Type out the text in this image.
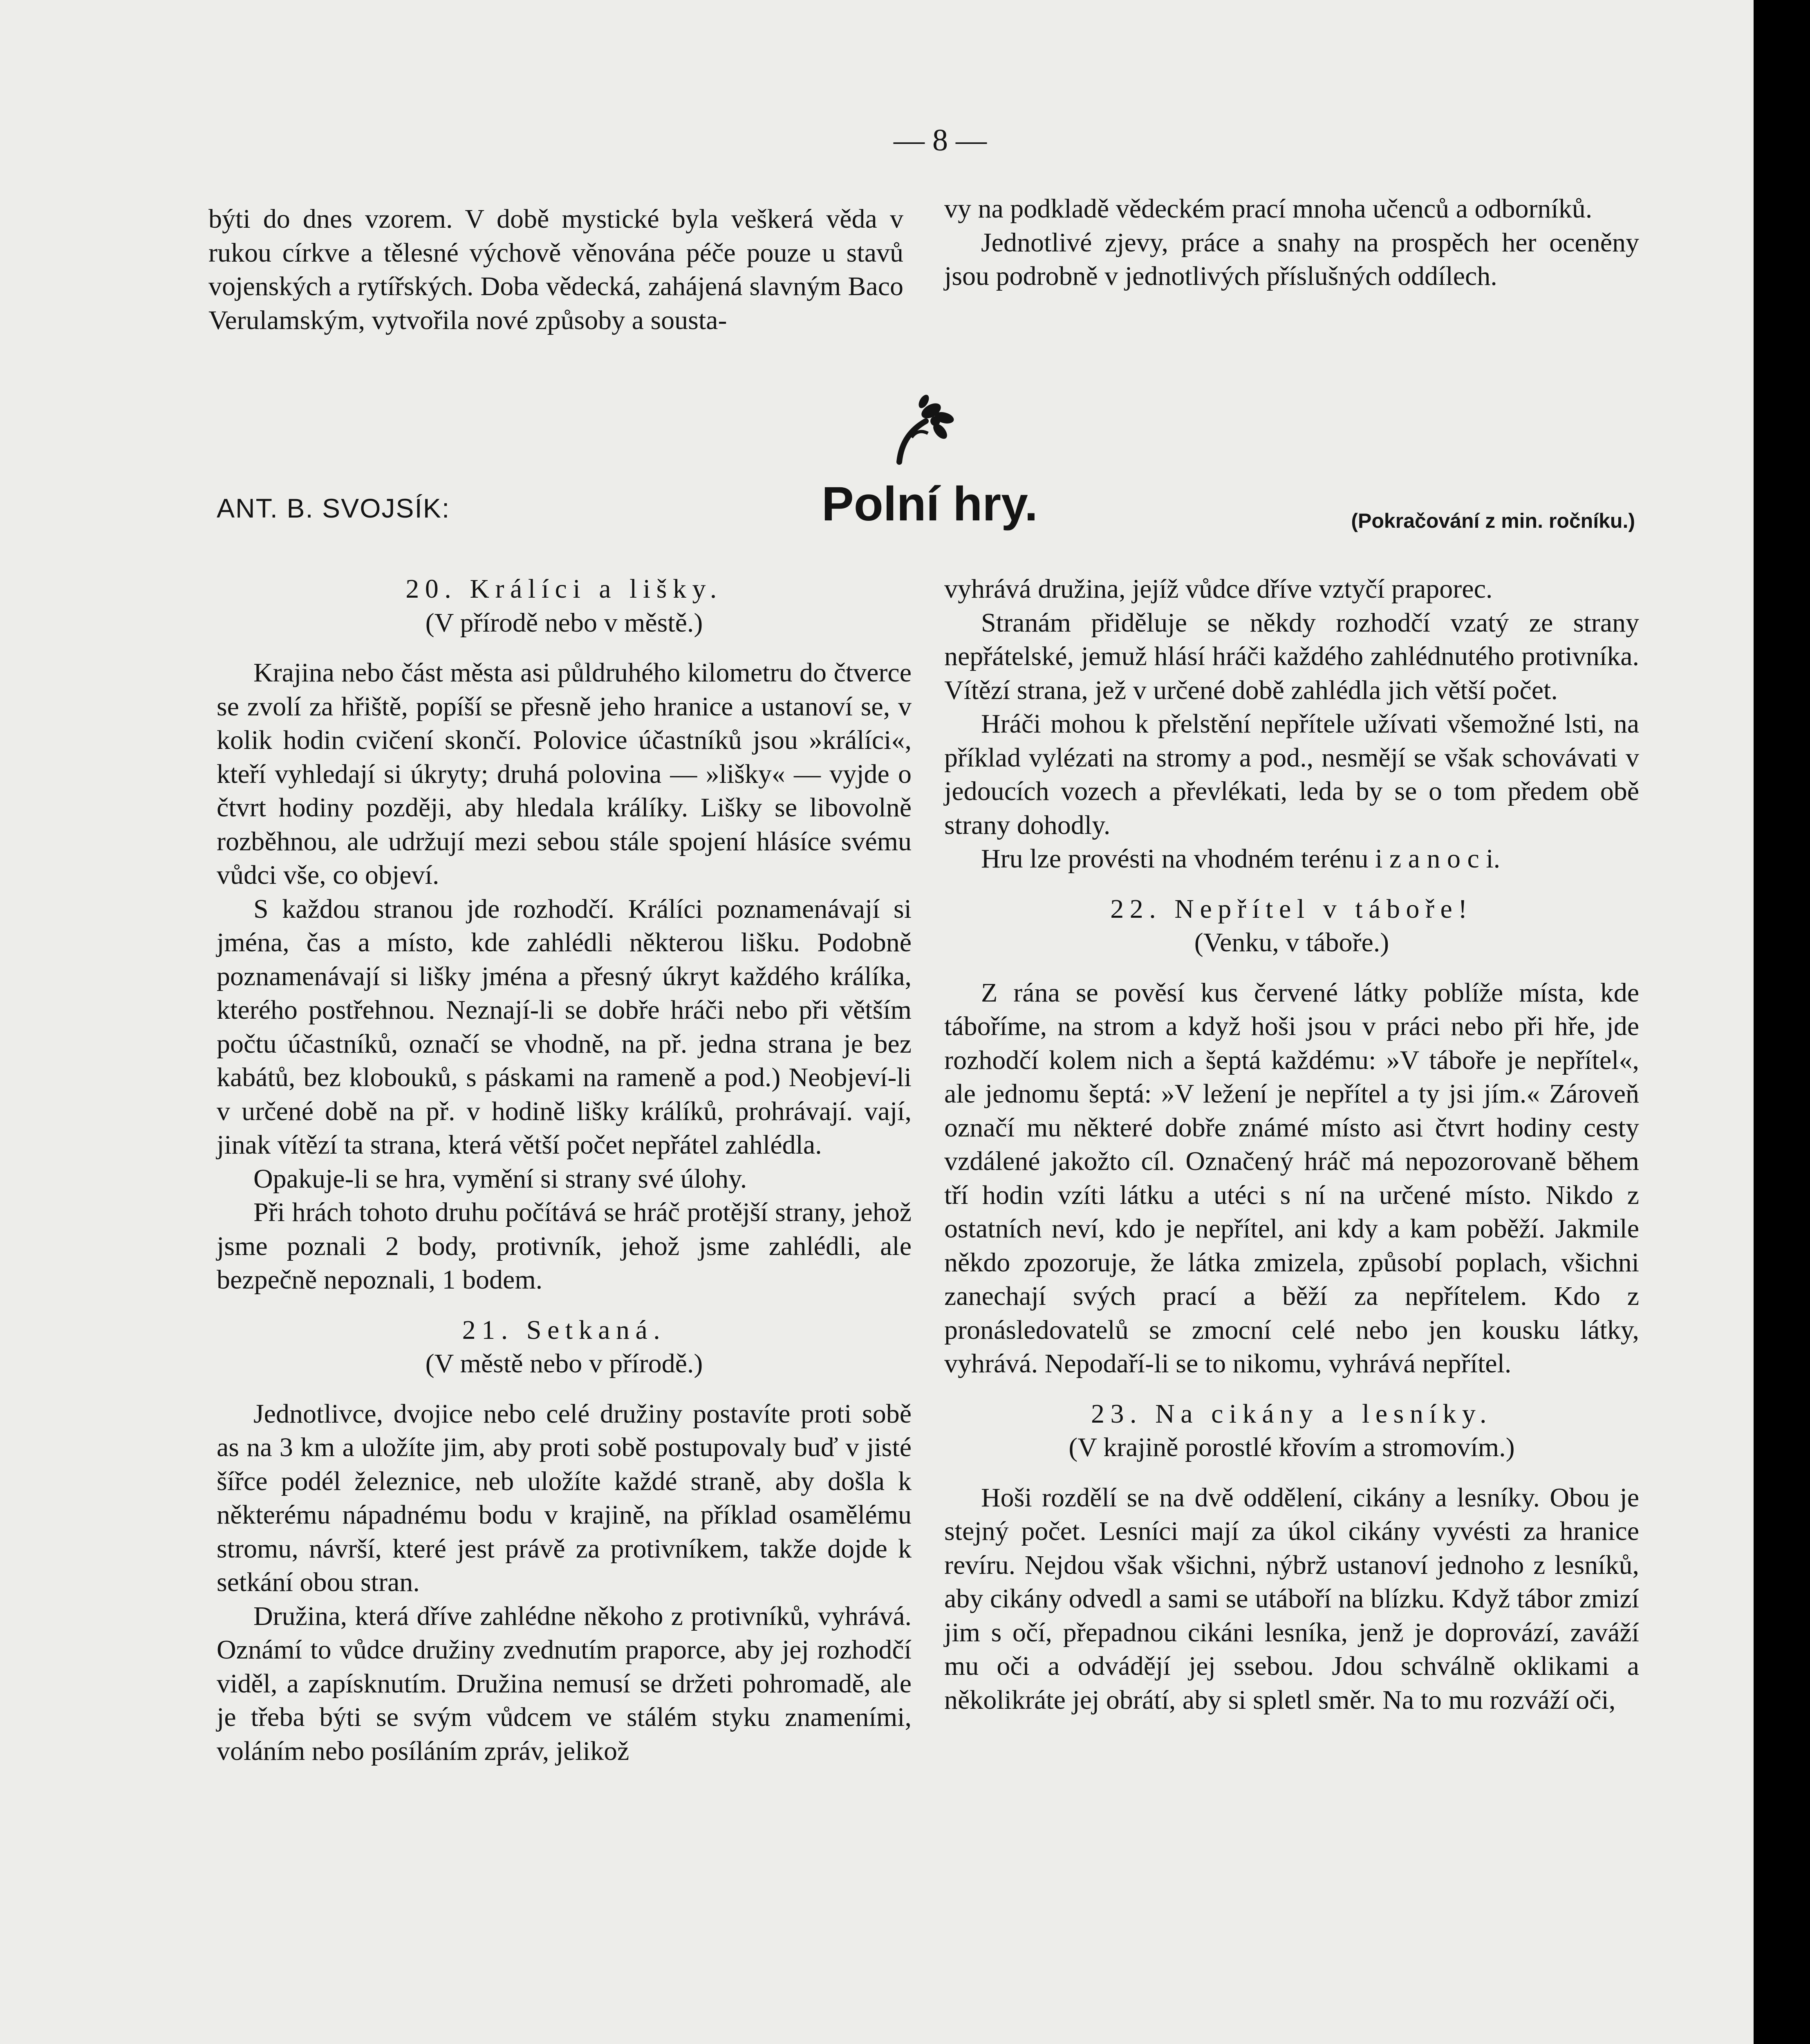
— 8 —

býti do dnes vzorem. V době mystické byla veškerá věda v rukou církve a tělesné výchově věnována péče pouze u stavů vojenských a rytířských. Doba vědecká, zahájená slavným Baco Verulamským, vytvořila nové způsoby a sousta-

vy na podkladě vědeckém prací mnoha učenců a odborníků.

Jednotlivé zjevy, práce a snahy na prospěch her oceněny jsou podrobně v jednotlivých příslušných oddílech.

ANT. B. SVOJSÍK:	Polní hry.	(Pokračování z min. ročníku.)

20. Králíci a lišky.

(V přírodě nebo v městě.)

Krajina nebo část města asi půldruhého kilometru do čtverce se zvolí za hřiště, popíší se přesně jeho hranice a ustanoví se, v kolik hodin cvičení skončí. Polovice účastníků jsou »králíci«, kteří vyhledají si úkryty; druhá polovina — »lišky« — vyjde o čtvrt hodiny později, aby hledala králíky. Lišky se libovolně rozběhnou, ale udržují mezi sebou stále spojení hlásíce svému vůdci vše, co objeví.

S každou stranou jde rozhodčí. Králíci poznamenávají si jména, čas a místo, kde zahlédli některou lišku. Podobně poznamenávají si lišky jména a přesný úkryt každého králíka, kterého postřehnou. Neznají-li se dobře hráči nebo při větším počtu účastníků, označí se vhodně, na př. jedna strana je bez kabátů, bez klobouků, s páskami na rameně a pod.) Neobjeví-li v určené době na př. v hodině lišky králíků, prohrávají. vají, jinak vítězí ta strana, která větší počet nepřátel zahlédla.

Opakuje-li se hra, vymění si strany své úlohy.

Při hrách tohoto druhu počítává se hráč protější strany, jehož jsme poznali 2 body, protivník, jehož jsme zahlédli, ale bezpečně nepoznali, 1 bodem.

21. Setkaná.

(V městě nebo v přírodě.)

Jednotlivce, dvojice nebo celé družiny postavíte proti sobě as na 3 km a uložíte jim, aby proti sobě postupovaly buď v jisté šířce podél železnice, neb uložíte každé straně, aby došla k některému nápadnému bodu v krajině, na příklad osamělému stromu, návrší, které jest právě za protivníkem, takže dojde k setkání obou stran.

Družina, která dříve zahlédne někoho z protivníků, vyhrává. Oznámí to vůdce družiny zvednutím praporce, aby jej rozhodčí viděl, a zapísknutím. Družina nemusí se držeti pohromadě, ale je třeba býti se svým vůdcem ve stálém styku znameními, voláním nebo posíláním zpráv, jelikož

vyhrává družina, jejíž vůdce dříve vztyčí praporec.

Stranám přiděluje se někdy rozhodčí vzatý ze strany nepřátelské, jemuž hlásí hráči každého zahlédnutého protivníka. Vítězí strana, jež v určené době zahlédla jich větší počet.

Hráči mohou k přelstění nepřítele užívati všemožné lsti, na příklad vylézati na stromy a pod., nesmějí se však schovávati v jedoucích vozech a převlékati, leda by se o tom předem obě strany dohodly.

Hru lze provésti na vhodném terénu i z a n o c i.

22. Nepřítel v táboře!

(Venku, v táboře.)

Z rána se pověsí kus červené látky poblíže místa, kde táboříme, na strom a když hoši jsou v práci nebo při hře, jde rozhodčí kolem nich a šeptá každému: »V táboře je nepřítel«, ale jednomu šeptá: »V ležení je nepřítel a ty jsi jím.« Zároveň označí mu některé dobře známé místo asi čtvrt hodiny cesty vzdálené jakožto cíl. Označený hráč má nepozorovaně během tří hodin vzíti látku a utéci s ní na určené místo. Nikdo z ostatních neví, kdo je nepřítel, ani kdy a kam poběží. Jakmile někdo zpozoruje, že látka zmizela, způsobí poplach, všichni zanechají svých prací a běží za nepřítelem. Kdo z pronásledovatelů se zmocní celé nebo jen kousku látky, vyhrává. Nepodaří-li se to nikomu, vyhrává nepřítel.

23. Na cikány a lesníky.

(V krajině porostlé křovím a stromovím.)

Hoši rozdělí se na dvě oddělení, cikány a lesníky. Obou je stejný počet. Lesníci mají za úkol cikány vyvésti za hranice revíru. Nejdou však všichni, nýbrž ustanoví jednoho z lesníků, aby cikány odvedl a sami se utáboří na blízku. Když tábor zmizí jim s očí, přepadnou cikáni lesníka, jenž je doprovází, zaváží mu oči a odvádějí jej ssebou. Jdou schválně oklikami a několikráte jej obrátí, aby si spletl směr. Na to mu rozváží oči,
